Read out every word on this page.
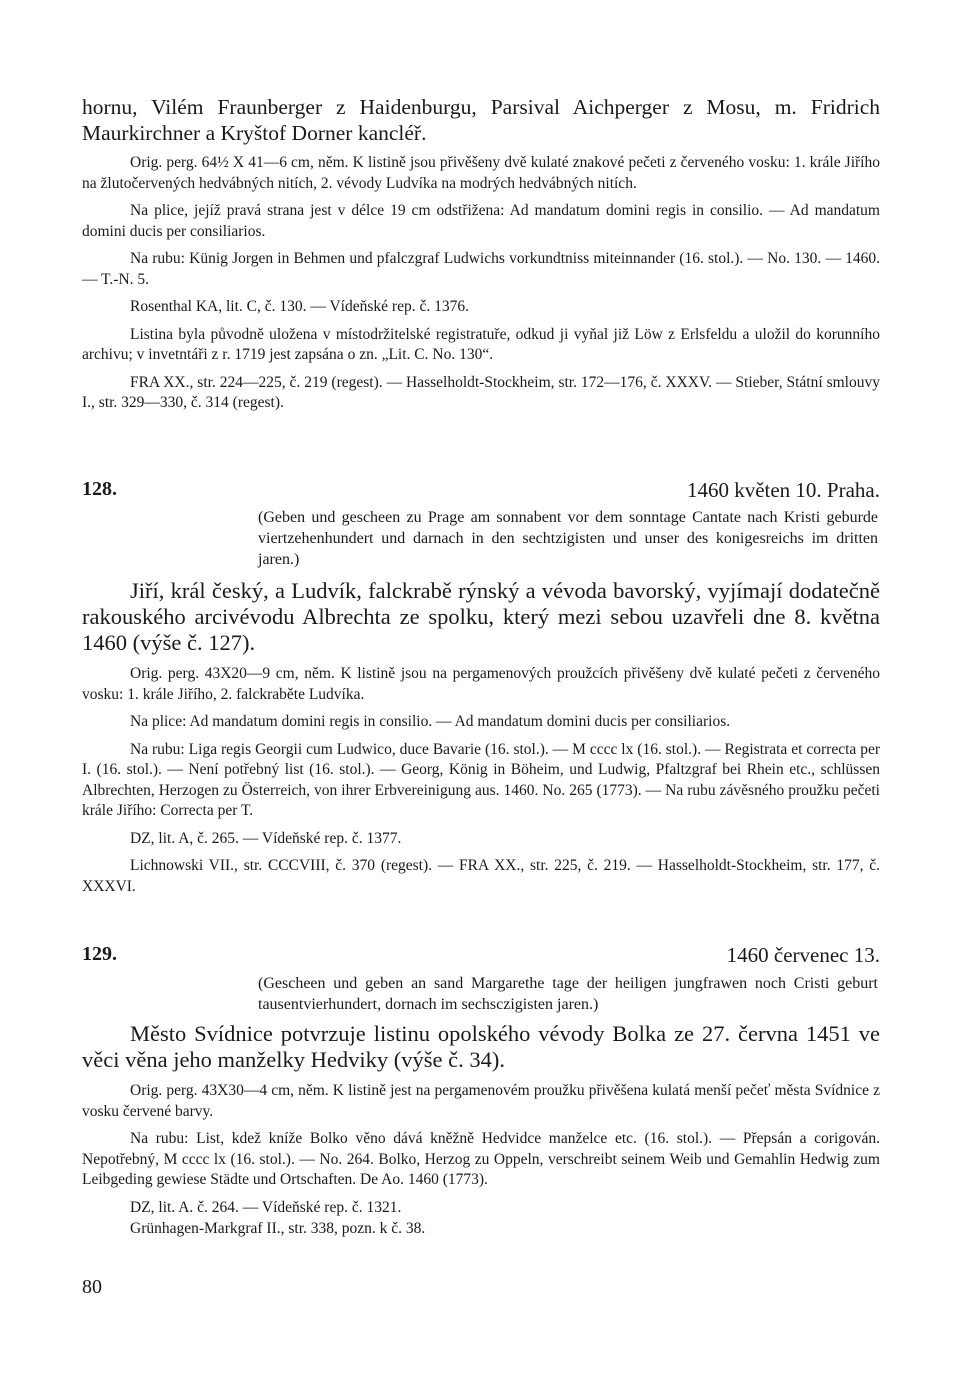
hornu, Vilém Fraunberger z Haidenburgu, Parsival Aichperger z Mosu, m. Fridrich Maurkirchner a Kryštof Dorner kancléř.

Orig. perg. 64½ X 41—6 cm, něm. K listině jsou přivěšeny dvě kulaté znakové pečeti z červeného vosku: 1. krále Jiřího na žlutočervených hedvábných nitích, 2. vévody Ludvíka na modrých hedvábných nitích.

Na plice, jejíž pravá strana jest v délce 19 cm odstřižena: Ad mandatum domini regis in consilio. — Ad mandatum domini ducis per consiliarios.

Na rubu: Künig Jorgen in Behmen und pfalczgraf Ludwichs vorkundtniss miteinnander (16. stol.). — No. 130. — 1460. — T.-N. 5.

Rosenthal KA, lit. C, č. 130. — Vídeňské rep. č. 1376.

Listina byla původně uložena v místodržitelské registratuře, odkud ji vyňal již Löw z Erlsfeldu a uložil do korunního archivu; v invetntáři z r. 1719 jest zapsána o zn. „Lit. C. No. 130“.

FRA XX., str. 224—225, č. 219 (regest). — Hasselholdt-Stockheim, str. 172—176, č. XXXV. — Stieber, Státní smlouvy I., str. 329—330, č. 314 (regest).

128.	1460 květen 10. Praha.

(Geben und gescheen zu Prage am sonnabent vor dem sonntage Cantate nach Kristi geburde viertzehenhundert und darnach in den sechtzigisten und unser des konigesreichs im dritten jaren.)

Jiří, král český, a Ludvík, falckrabě rýnský a vévoda bavorský, vyjímají dodatečně rakouského arcivévodu Albrechta ze spolku, který mezi sebou uzavřeli dne 8. května 1460 (výše č. 127).

Orig. perg. 43X20—9 cm, něm. K listině jsou na pergamenových proužcích přivěšeny dvě kulaté pečeti z červeného vosku: 1. krále Jiřího, 2. falckraběte Ludvíka.

Na plice: Ad mandatum domini regis in consilio. — Ad mandatum domini ducis per consiliarios.

Na rubu: Liga regis Georgii cum Ludwico, duce Bavarie (16. stol.). — M cccc lx (16. stol.). — Registrata et correcta per I. (16. stol.). — Není potřebný list (16. stol.). — Georg, König in Böheim, und Ludwig, Pfaltzgraf bei Rhein etc., schlüssen Albrechten, Herzogen zu Österreich, von ihrer Erbvereinigung aus. 1460. No. 265 (1773). — Na rubu závěsného proužku pečeti krále Jiřího: Correcta per T.

DZ, lit. A, č. 265. — Vídeňské rep. č. 1377.

Lichnowski VII., str. CCCVIII, č. 370 (regest). — FRA XX., str. 225, č. 219. — Hasselholdt-Stockheim, str. 177, č. XXXVI.

129.	1460 červenec 13.

(Gescheen und geben an sand Margarethe tage der heiligen jungfrawen noch Cristi geburt tausentvierhundert, dornach im sechsczigisten jaren.)

Město Svídnice potvrzuje listinu opolského vévody Bolka ze 27. června 1451 ve věci věna jeho manželky Hedviky (výše č. 34).

Orig. perg. 43X30—4 cm, něm. K listině jest na pergamenovém proužku přivěšena kulatá menší pečeť města Svídnice z vosku červené barvy.

Na rubu: List, kdež kníže Bolko věno dává kněžně Hedvidce manželce etc. (16. stol.). — Přepsán a corigován. Nepotřebný, M cccc lx (16. stol.). — No. 264. Bolko, Herzog zu Oppeln, verschreibt seinem Weib und Gemahlin Hedwig zum Leibgeding gewiese Städte und Ortschaften. De Ao. 1460 (1773).

DZ, lit. A. č. 264. — Vídeňské rep. č. 1321.

Grünhagen-Markgraf II., str. 338, pozn. k č. 38.

80
